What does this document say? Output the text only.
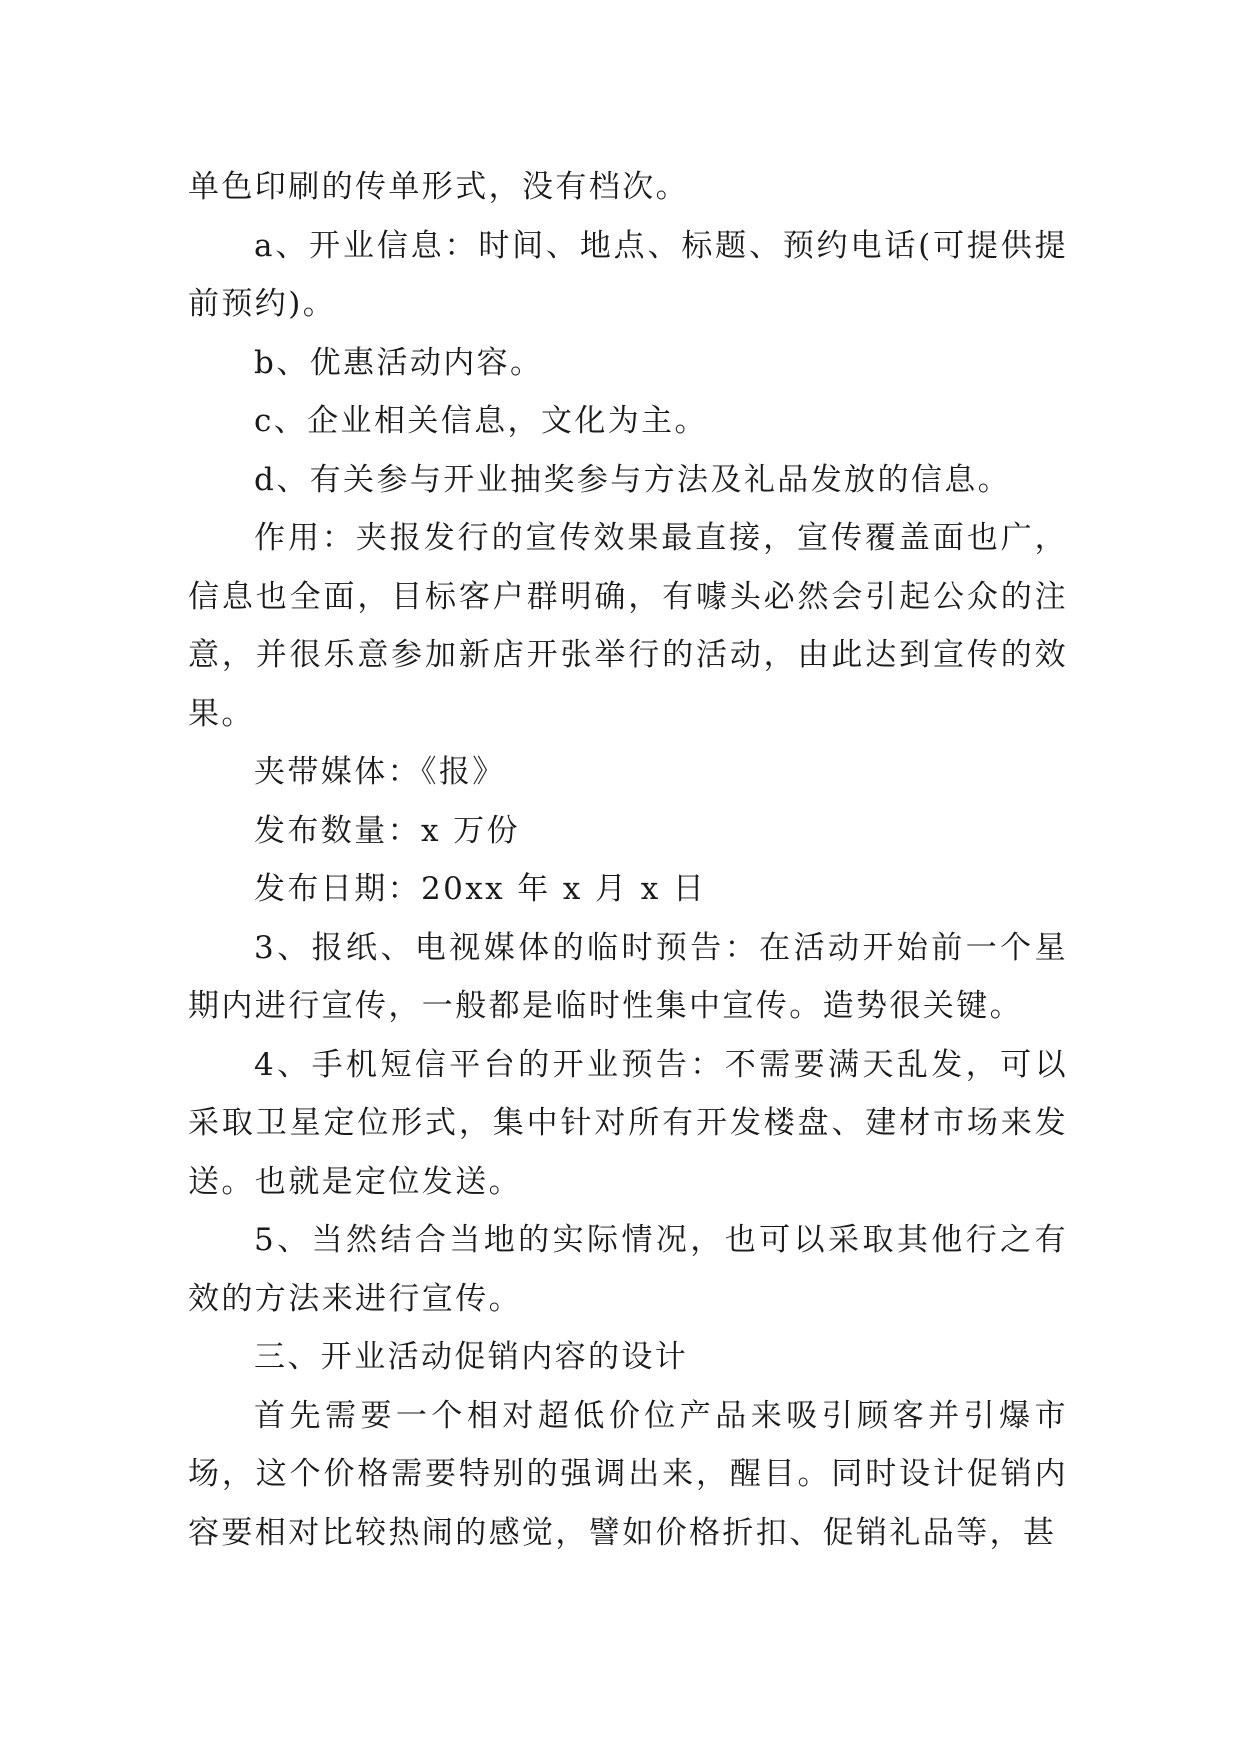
单色印刷的传单形式，没有档次。

a、开业信息：时间、地点、标题、预约电话(可提供提前预约)。

b、优惠活动内容。

c、企业相关信息，文化为主。

d、有关参与开业抽奖参与方法及礼品发放的信息。

作用：夹报发行的宣传效果最直接，宣传覆盖面也广，信息也全面，目标客户群明确，有噱头必然会引起公众的注意，并很乐意参加新店开张举行的活动，由此达到宣传的效果。

夹带媒体：《报》

发布数量：x 万份

发布日期：20xx 年 x 月 x 日

3、报纸、电视媒体的临时预告：在活动开始前一个星期内进行宣传，一般都是临时性集中宣传。造势很关键。

4、手机短信平台的开业预告：不需要满天乱发，可以采取卫星定位形式，集中针对所有开发楼盘、建材市场来发送。也就是定位发送。

5、当然结合当地的实际情况，也可以采取其他行之有效的方法来进行宣传。

三、开业活动促销内容的设计

首先需要一个相对超低价位产品来吸引顾客并引爆市场，这个价格需要特别的强调出来，醒目。同时设计促销内容要相对比较热闹的感觉，譬如价格折扣、促销礼品等，甚
